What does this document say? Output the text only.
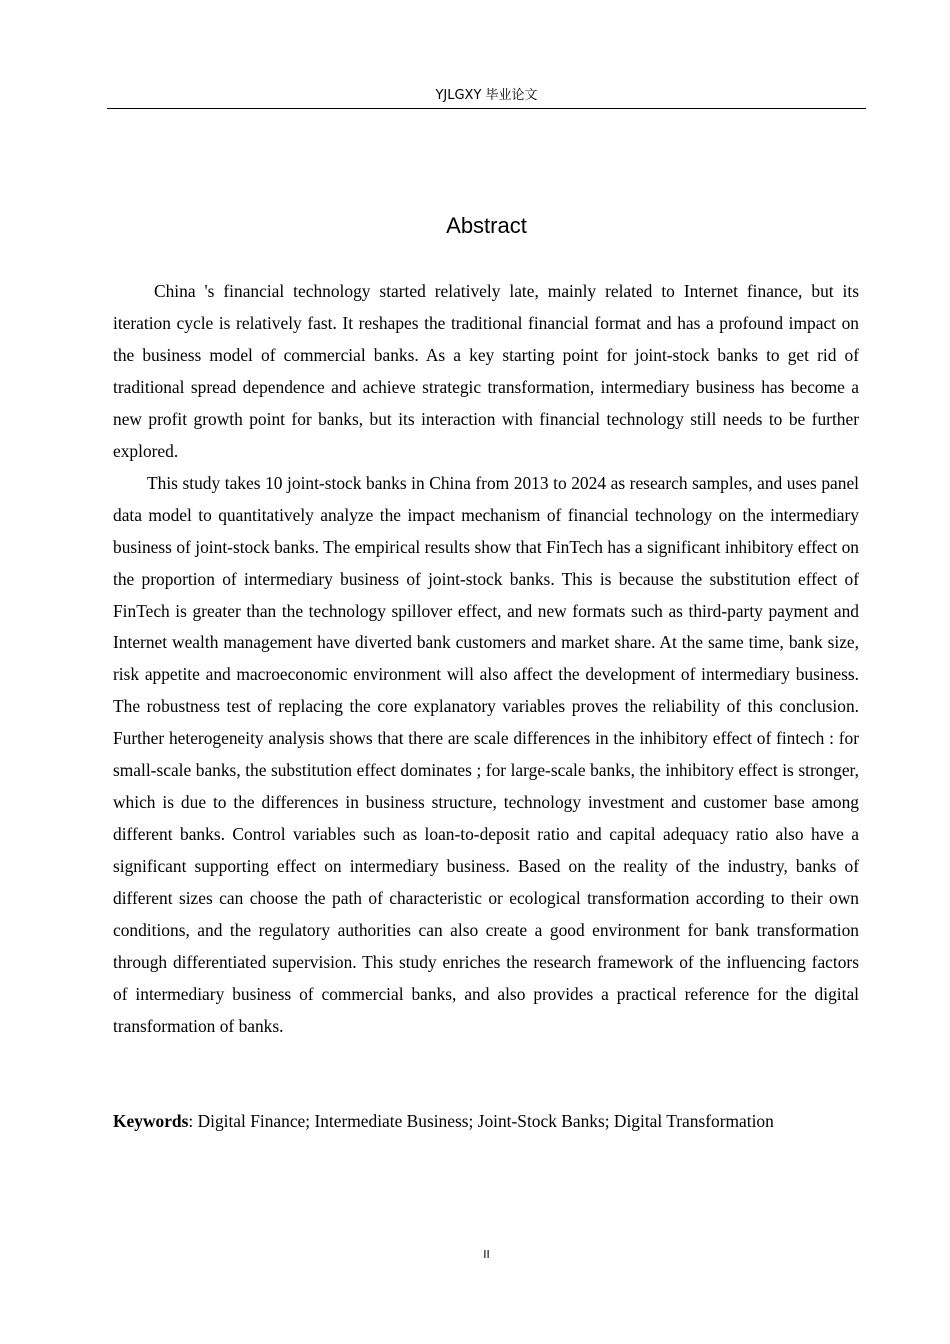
YJLGXY 毕业论文
Abstract

China 's financial technology started relatively late, mainly related to Internet finance, but its iteration cycle is relatively fast. It reshapes the traditional financial format and has a profound impact on the business model of commercial banks. As a key starting point for joint-stock banks to get rid of traditional spread dependence and achieve strategic transformation, intermediary business has become a new profit growth point for banks, but its interaction with financial technology still needs to be further explored.

This study takes 10 joint-stock banks in China from 2013 to 2024 as research samples, and uses panel data model to quantitatively analyze the impact mechanism of financial technology on the intermediary business of joint-stock banks. The empirical results show that FinTech has a significant inhibitory effect on the proportion of intermediary business of joint-stock banks. This is because the substitution effect of FinTech is greater than the technology spillover effect, and new formats such as third-party payment and Internet wealth management have diverted bank customers and market share. At the same time, bank size, risk appetite and macroeconomic environment will also affect the development of intermediary business. The robustness test of replacing the core explanatory variables proves the reliability of this conclusion. Further heterogeneity analysis shows that there are scale differences in the inhibitory effect of fintech : for small-scale banks, the substitution effect dominates ; for large-scale banks, the inhibitory effect is stronger, which is due to the differences in business structure, technology investment and customer base among different banks. Control variables such as loan-to-deposit ratio and capital adequacy ratio also have a significant supporting effect on intermediary business. Based on the reality of the industry, banks of different sizes can choose the path of characteristic or ecological transformation according to their own conditions, and the regulatory authorities can also create a good environment for bank transformation through differentiated supervision. This study enriches the research framework of the influencing factors of intermediary business of commercial banks, and also provides a practical reference for the digital transformation of banks.

Keywords: Digital Finance; Intermediate Business; Joint-Stock Banks; Digital Transformation
II
